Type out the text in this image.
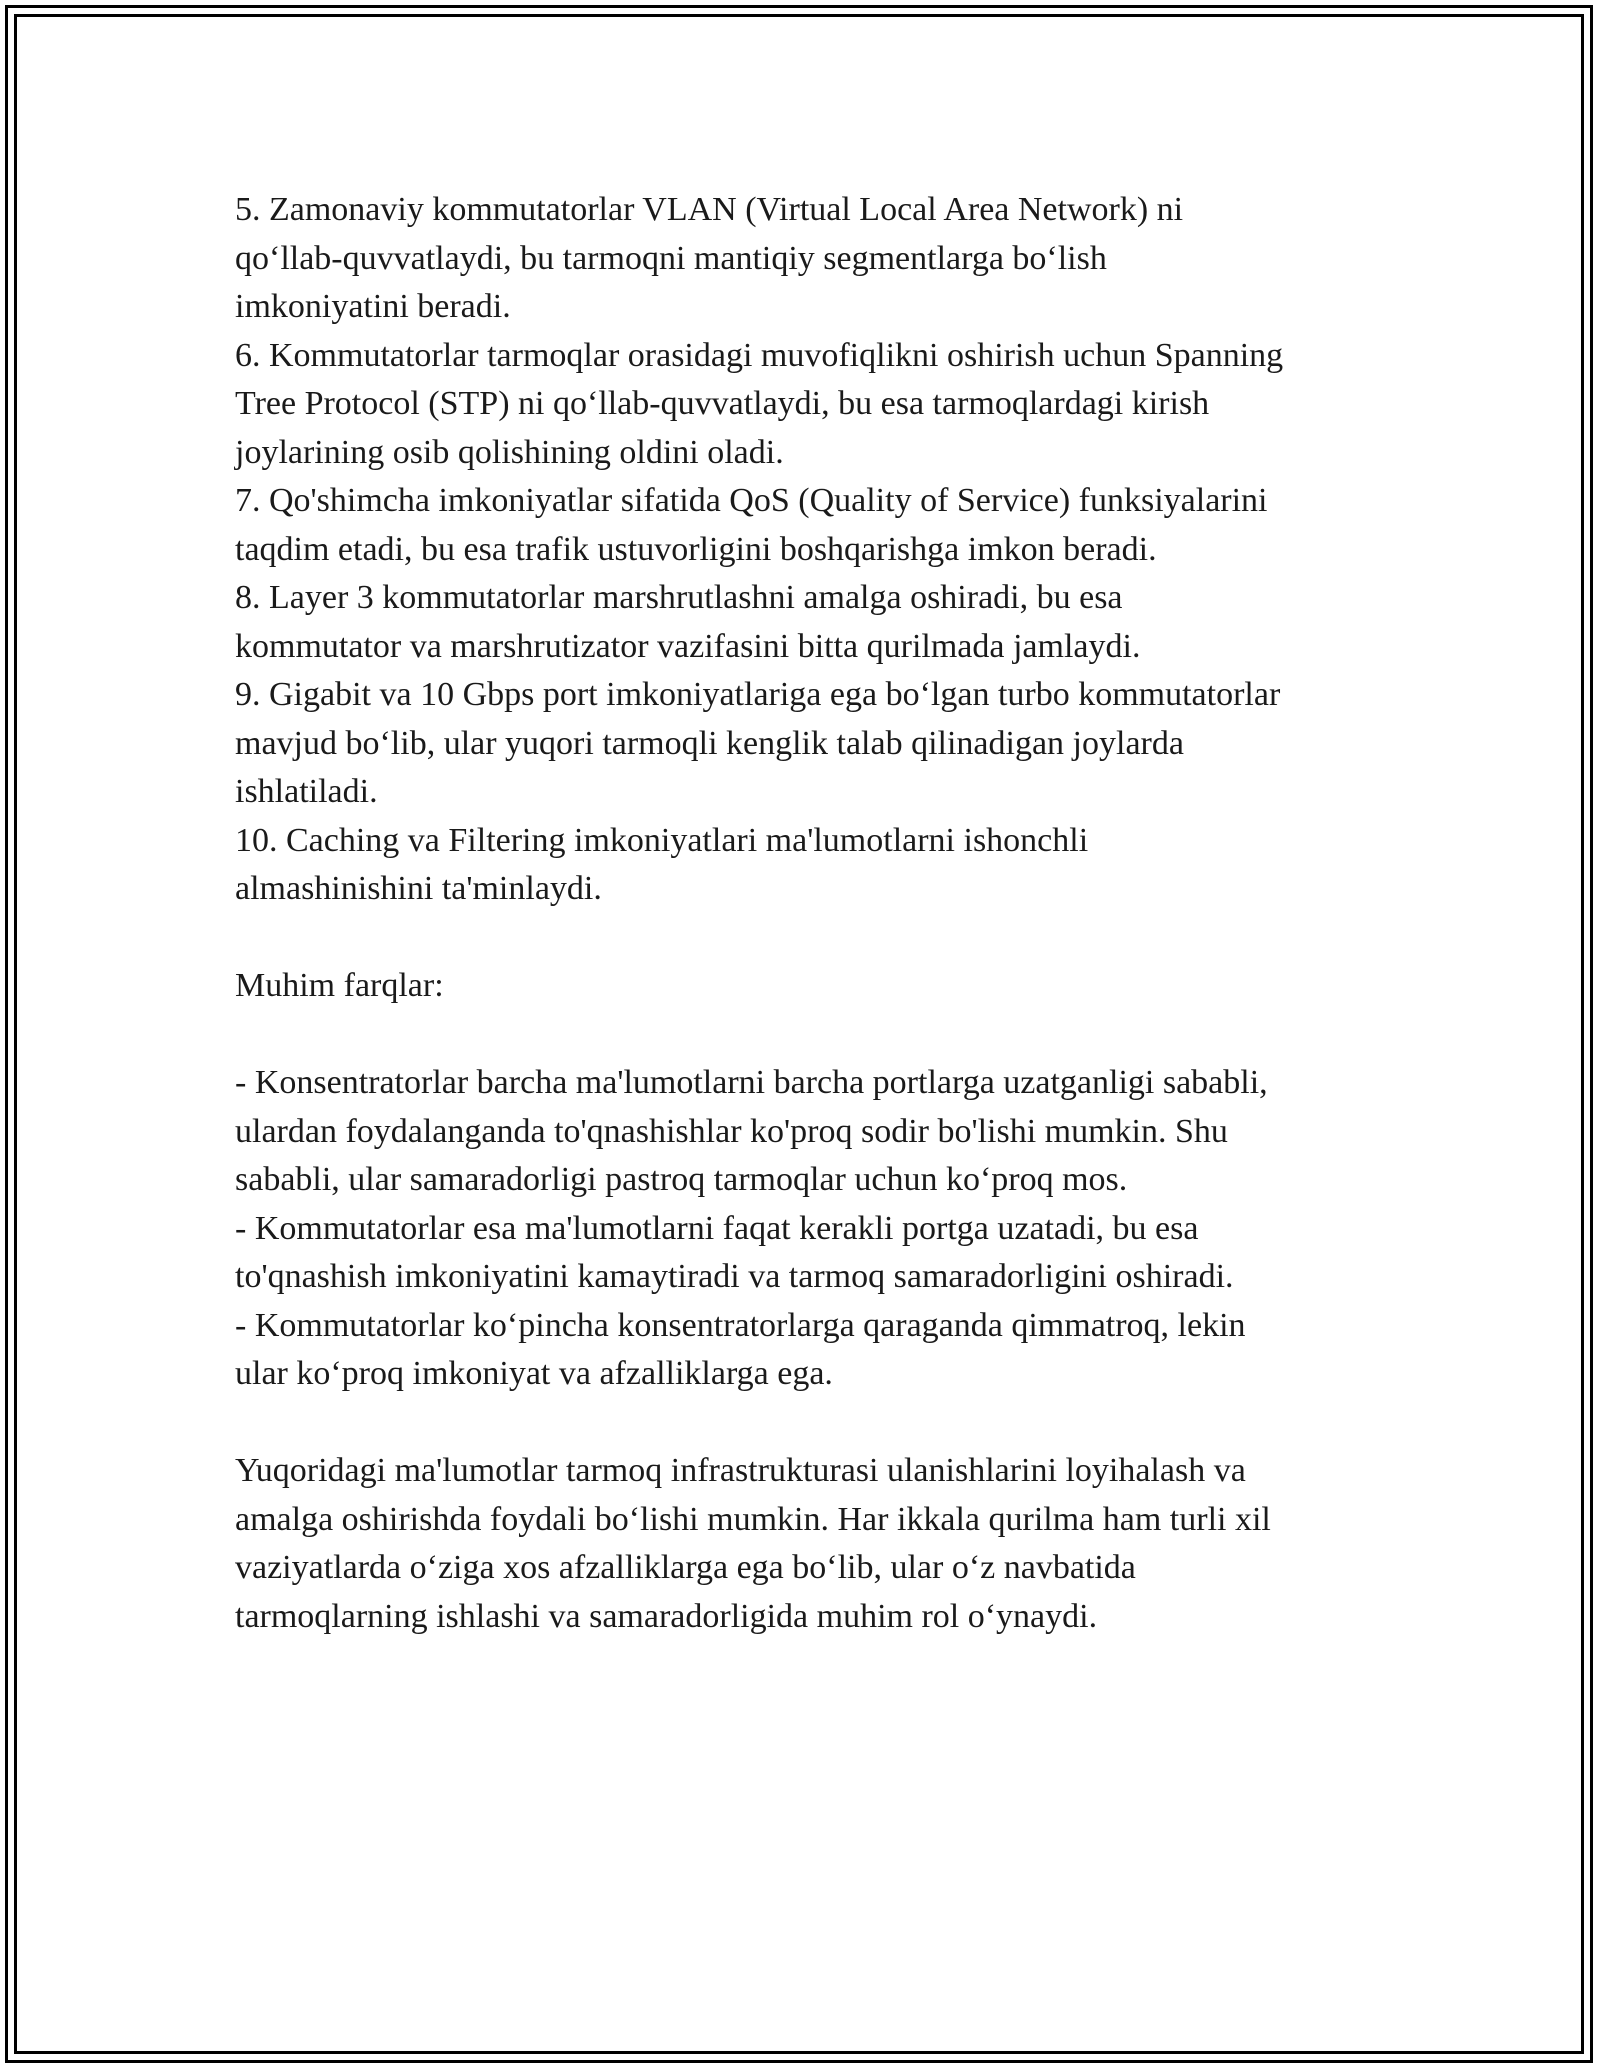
5. Zamonaviy kommutatorlar VLAN (Virtual Local Area Network) ni

qo‘llab-quvvatlaydi, bu tarmoqni mantiqiy segmentlarga bo‘lish

imkoniyatini beradi.

6. Kommutatorlar tarmoqlar orasidagi muvofiqlikni oshirish uchun Spanning

Tree Protocol (STP) ni qo‘llab-quvvatlaydi, bu esa tarmoqlardagi kirish

joylarining osib qolishining oldini oladi.

7. Qo'shimcha imkoniyatlar sifatida QoS (Quality of Service) funksiyalarini

taqdim etadi, bu esa trafik ustuvorligini boshqarishga imkon beradi.

8. Layer 3 kommutatorlar marshrutlashni amalga oshiradi, bu esa

kommutator va marshrutizator vazifasini bitta qurilmada jamlaydi.

9. Gigabit va 10 Gbps port imkoniyatlariga ega bo‘lgan turbo kommutatorlar

mavjud bo‘lib, ular yuqori tarmoqli kenglik talab qilinadigan joylarda

ishlatiladi.

10. Caching va Filtering imkoniyatlari ma'lumotlarni ishonchli

almashinishini ta'minlaydi.

Muhim farqlar:

- Konsentratorlar barcha ma'lumotlarni barcha portlarga uzatganligi sababli,

ulardan foydalanganda to'qnashishlar ko'proq sodir bo'lishi mumkin. Shu

sababli, ular samaradorligi pastroq tarmoqlar uchun ko‘proq mos.

- Kommutatorlar esa ma'lumotlarni faqat kerakli portga uzatadi, bu esa

to'qnashish imkoniyatini kamaytiradi va tarmoq samaradorligini oshiradi.

- Kommutatorlar ko‘pincha konsentratorlarga qaraganda qimmatroq, lekin

ular ko‘proq imkoniyat va afzalliklarga ega.

Yuqoridagi ma'lumotlar tarmoq infrastrukturasi ulanishlarini loyihalash va

amalga oshirishda foydali bo‘lishi mumkin. Har ikkala qurilma ham turli xil

vaziyatlarda o‘ziga xos afzalliklarga ega bo‘lib, ular o‘z navbatida

tarmoqlarning ishlashi va samaradorligida muhim rol o‘ynaydi.
